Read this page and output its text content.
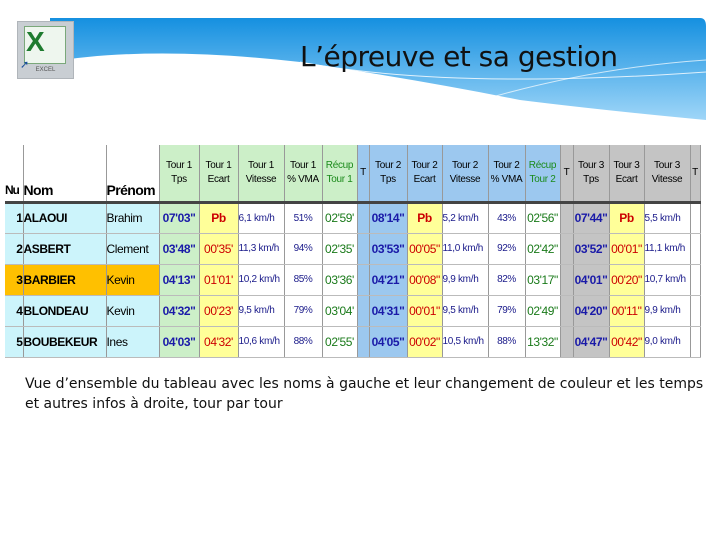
X
➚	EXCEL	L’épreuve et sa gestion
Nu	Nom	Prénom	Tour 1 Tps	Tour 1 Ecart	Tour 1 Vitesse	Tour 1 % VMA	Récup Tour 1	T	Tour 2 Tps	Tour 2 Ecart	Tour 2 Vitesse	Tour 2 % VMA	Récup Tour 2	T	Tour 3 Tps	Tour 3 Ecart	Tour 3 Vitesse	T
1	ALAOUI	Brahim	07'03"	Pb	6,1 km/h	51%	02'59'		08'14"	Pb	5,2 km/h	43%	02'56"		07'44"	Pb	5,5 km/h	
2	ASBERT	Clement	03'48"	00'35'	11,3 km/h	94%	02'35'		03'53"	00'05"	11,0 km/h	92%	02'42"		03'52"	00'01"	11,1 km/h	
3	BARBIER	Kevin	04'13"	01'01'	10,2 km/h	85%	03'36'		04'21"	00'08"	9,9 km/h	82%	03'17"		04'01"	00'20"	10,7 km/h	
4	BLONDEAU	Kevin	04'32"	00'23'	9,5 km/h	79%	03'04'		04'31"	00'01"	9,5 km/h	79%	02'49"		04'20"	00'11"	9,9 km/h	
5	BOUBEKEUR	Ines	04'03"	04'32'	10,6 km/h	88%	02'55'		04'05"	00'02"	10,5 km/h	88%	13'32"		04'47"	00'42"	9,0 km/h	
Vue d’ensemble du tableau avec les noms à gauche et leur changement de couleur et les temps et autres infos à droite, tour par tour
